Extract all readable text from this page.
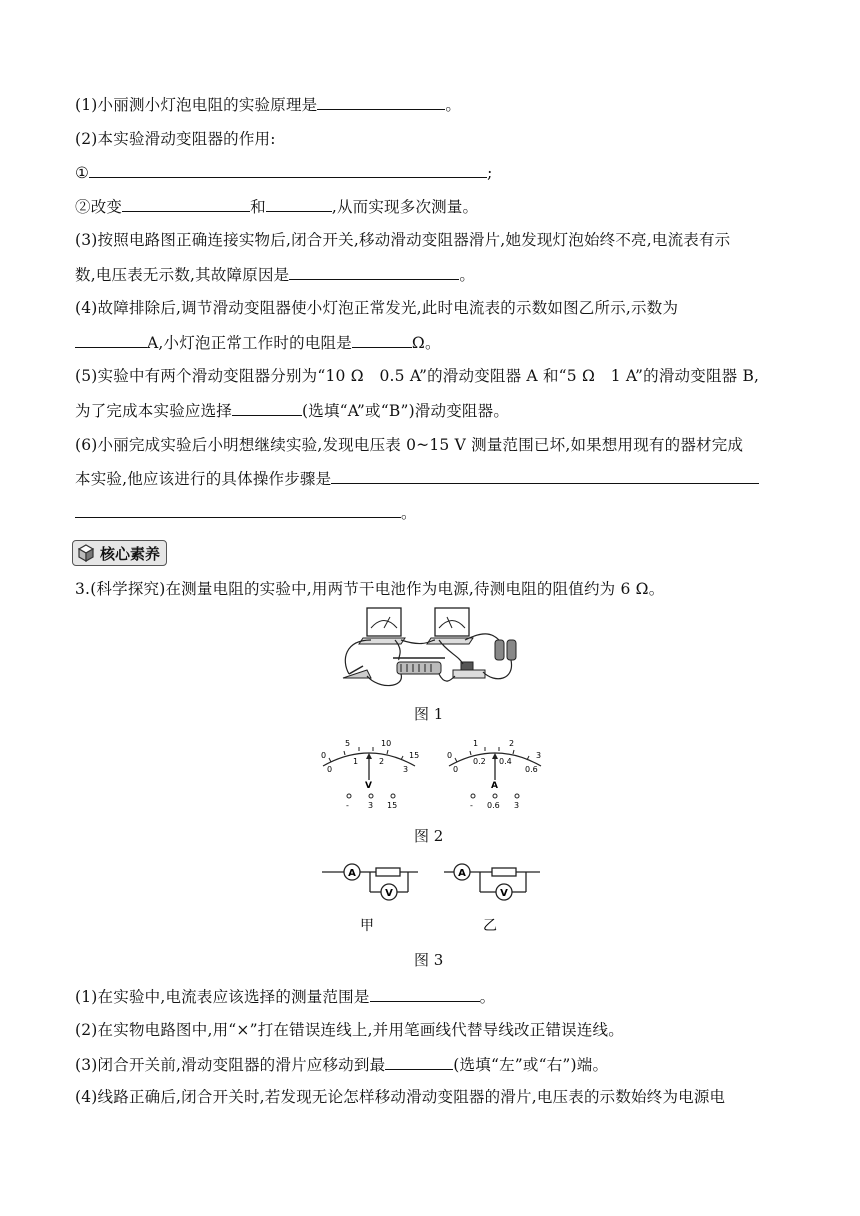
(1)小丽测小灯泡电阻的实验原理是	。
(2)本实验滑动变阻器的作用:
①	;
②改变	和	,从而实现多次测量。
(3)按照电路图正确连接实物后,闭合开关,移动滑动变阻器滑片,她发现灯泡始终不亮,电流表有示
数,电压表无示数,其故障原因是	。
(4)故障排除后,调节滑动变阻器使小灯泡正常发光,此时电流表的示数如图乙所示,示数为
A,小灯泡正常工作时的电阻是	Ω。
(5)实验中有两个滑动变阻器分别为“10 Ω　0.5 A”的滑动变阻器 A 和“5 Ω　1 A”的滑动变阻器 B,
为了完成本实验应选择	(选填“A”或“B”)滑动变阻器。
(6)小丽完成实验后小明想继续实验,发现电压表 0~15 V 测量范围已坏,如果想用现有的器材完成
本实验,他应该进行的具体操作步骤是
。
核心素养
3.(科学探究)在测量电阻的实验中,用两节干电池作为电源,待测电阻的阻值约为 6 Ω。
图 1
0
5	10
15
0
1	2
3
V
- 3 15
0
1	2
3
0
0.2 0.4
0.6
A
- 0.6 3
图 2
A
V
甲
A
V
乙
图 3
(1)在实验中,电流表应该选择的测量范围是	。
(2)在实物电路图中,用“×”打在错误连线上,并用笔画线代替导线改正错误连线。
(3)闭合开关前,滑动变阻器的滑片应移动到最	(选填“左”或“右”)端。
(4)线路正确后,闭合开关时,若发现无论怎样移动滑动变阻器的滑片,电压表的示数始终为电源电
